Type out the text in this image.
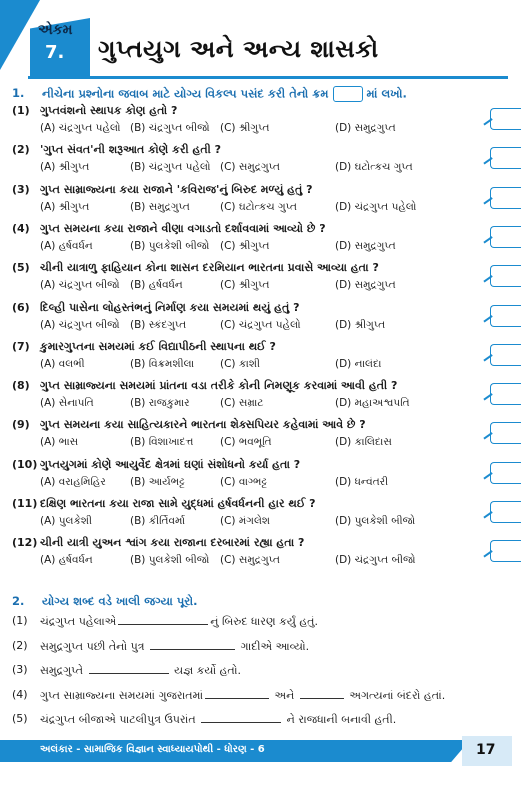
એકમ
7. ગુપ્તયુગ અને અન્ય શાસકો
1. નીચેના પ્રશ્નોના જવાબ માટે યોગ્ય વિકલ્પ પસંદ કરી તેનો ક્રમ	માં લખો.
(1) ગુપ્તવંશનો સ્થાપક કોણ હતો ?
(A) ચંદ્રગુપ્ત પહેલો (B) ચંદ્રગુપ્ત બીજો (C) શ્રીગુપ્ત	(D) સમુદ્રગુપ્ત
(2) 'ગુપ્ત સંવત'ની શરૂઆત કોણે કરી હતી ?
(A) શ્રીગુપ્ત	(B) ચંદ્રગુપ્ત પહેલો (C) સમુદ્રગુપ્ત	(D) ઘટોત્કચ ગુપ્ત
(3) ગુપ્ત સામ્રાજ્યના કયા રાજાને 'કવિરાજ'નું બિરુદ મળ્યું હતું ?
(A) શ્રીગુપ્ત	(B) સમુદ્રગુપ્ત	(C) ઘટોત્કચ ગુપ્ત	(D) ચંદ્રગુપ્ત પહેલો
(4) ગુપ્ત સમયના કયા રાજાને વીણા વગાડતો દર્શાવવામાં આવ્યો છે ?
(A) હર્ષવર્ધન	(B) પુલકેશી બીજો (C) શ્રીગુપ્ત	(D) સમુદ્રગુપ્ત
(5) ચીની યાત્રાળુ ફાહિયાન કોના શાસન દરમિયાન ભારતના પ્રવાસે આવ્યા હતા ?
(A) ચંદ્રગુપ્ત બીજો (B) હર્ષવર્ધન	(C) શ્રીગુપ્ત	(D) સમુદ્રગુપ્ત
(6) દિલ્હી પાસેના લોહસ્તંભનું નિર્માણ કયા સમયમાં થયું હતું ?
(A) ચંદ્રગુપ્ત બીજો (B) સ્કંદગુપ્ત	(C) ચંદ્રગુપ્ત પહેલો	(D) શ્રીગુપ્ત
(7) કુમારગુપ્તના સમયમાં કઈ વિદ્યાપીઠની સ્થાપના થઈ ?
(A) વલભી	(B) વિક્રમશીલા (C) કાશી	(D) નાલંદા
(8) ગુપ્ત સામ્રાજ્યના સમયમાં પ્રાંતના વડા તરીકે કોની નિમણૂક કરવામાં આવી હતી ?
(A) સેનાપતિ	(B) રાજકુમાર	(C) સમ્રાટ	(D) મહાઅશ્વપતિ
(9) ગુપ્ત સમયના કયા સાહિત્યકારને ભારતના શેક્સપિયર કહેવામાં આવે છે ?
(A) ભાસ	(B) વિશાખાદત્ત	(C) ભવભૂતિ	(D) કાલિદાસ
(10) ગુપ્તયુગમાં કોણે આયુર્વેદ ક્ષેત્રમાં ઘણાં સંશોધનો કર્યા હતા ?
(A) વરાહમિહિર (B) આર્યભટ્ટ	(C) વાગ્ભટ્ટ	(D) ધન્વંતરી
(11) દક્ષિણ ભારતના કયા રાજા સામે યુદ્ધમાં હર્ષવર્ધનની હાર થઈ ?
(A) પુલકેશી	(B) કીર્તિવર્મા	(C) મંગલેશ	(D) પુલકેશી બીજો
(12) ચીની યાત્રી યુઅન શ્વાંગ કયા રાજાના દરબારમાં રહ્યા હતા ?
(A) હર્ષવર્ધન	(B) પુલકેશી બીજો (C) સમુદ્રગુપ્ત	(D) ચંદ્રગુપ્ત બીજો
2. યોગ્ય શબ્દ વડે ખાલી જગ્યા પૂરો.
(1) ચંદ્રગુપ્ત પહેલાએ	નું બિરુદ ધારણ કર્યું હતું.
(2) સમુદ્રગુપ્ત પછી તેનો પુત્ર	ગાદીએ આવ્યો.
(3) સમુદ્રગુપ્તે	યજ્ઞ કર્યો હતો.
(4) ગુપ્ત સામ્રાજ્યના સમયમાં ગુજરાતમાં	અને	અગત્યનાં બંદરો હતાં.
(5) ચંદ્રગુપ્ત બીજાએ પાટલીપુત્ર ઉપરાંત	ને રાજધાની બનાવી હતી.
અલંકાર - સામાજિક વિજ્ઞાન સ્વાધ્યાયપોથી - ધોરણ - 6	17
